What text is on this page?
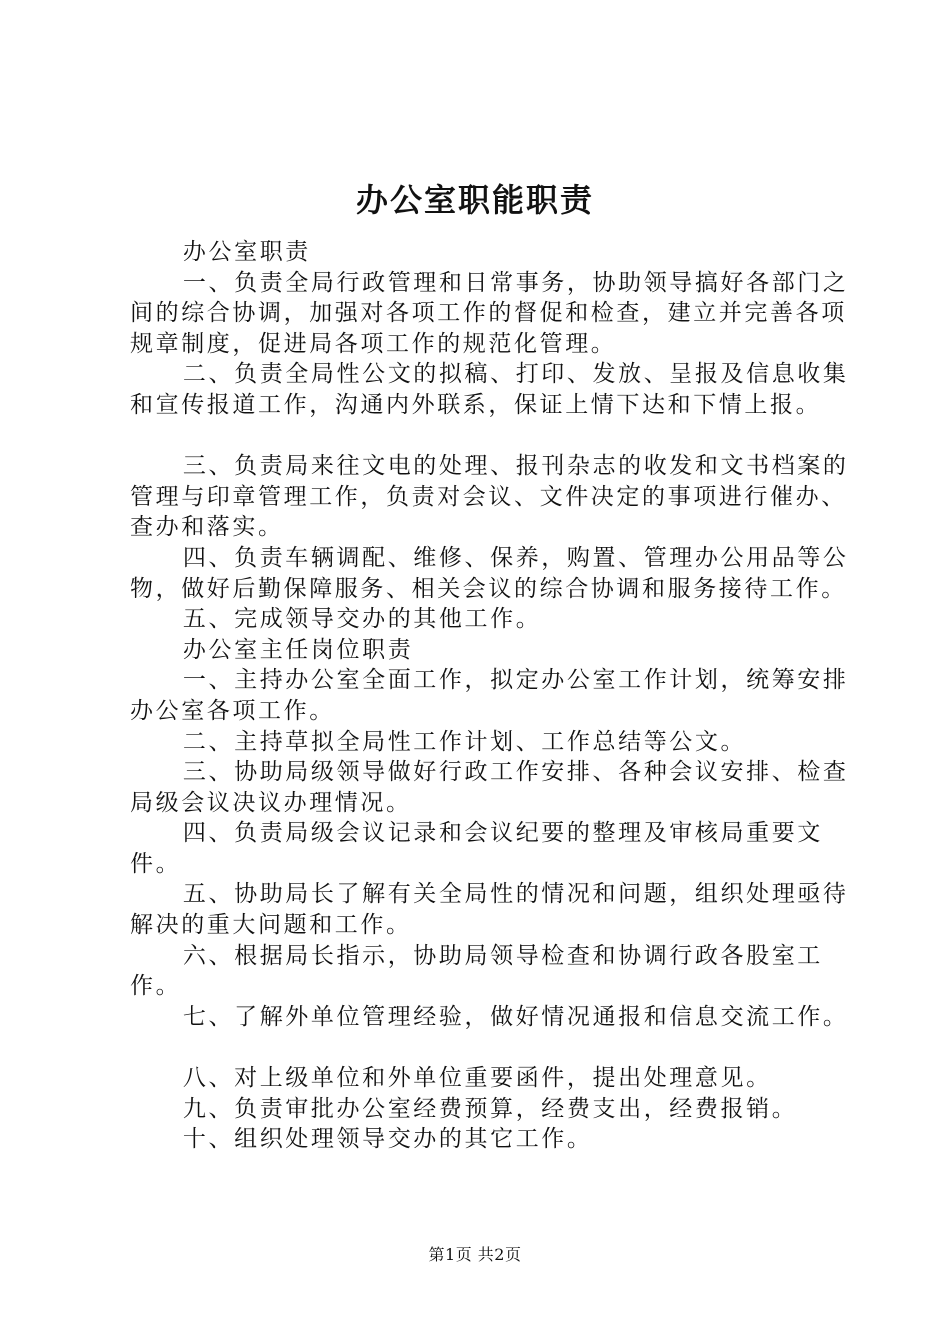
办公室职能职责

办公室职责

一、负责全局行政管理和日常事务，协助领导搞好各部门之间的综合协调，加强对各项工作的督促和检查，建立并完善各项规章制度，促进局各项工作的规范化管理。

二、负责全局性公文的拟稿、打印、发放、呈报及信息收集和宣传报道工作，沟通内外联系，保证上情下达和下情上报。

三、负责局来往文电的处理、报刊杂志的收发和文书档案的管理与印章管理工作，负责对会议、文件决定的事项进行催办、查办和落实。

四、负责车辆调配、维修、保养，购置、管理办公用品等公物，做好后勤保障服务、相关会议的综合协调和服务接待工作。

五、完成领导交办的其他工作。

办公室主任岗位职责

一、主持办公室全面工作，拟定办公室工作计划，统筹安排办公室各项工作。

二、主持草拟全局性工作计划、工作总结等公文。

三、协助局级领导做好行政工作安排、各种会议安排、检查局级会议决议办理情况。

四、负责局级会议记录和会议纪要的整理及审核局重要文件。

五、协助局长了解有关全局性的情况和问题，组织处理亟待解决的重大问题和工作。

六、根据局长指示，协助局领导检查和协调行政各股室工作。

七、了解外单位管理经验，做好情况通报和信息交流工作。

八、对上级单位和外单位重要函件，提出处理意见。

九、负责审批办公室经费预算，经费支出，经费报销。

十、组织处理领导交办的其它工作。

第1页 共2页
